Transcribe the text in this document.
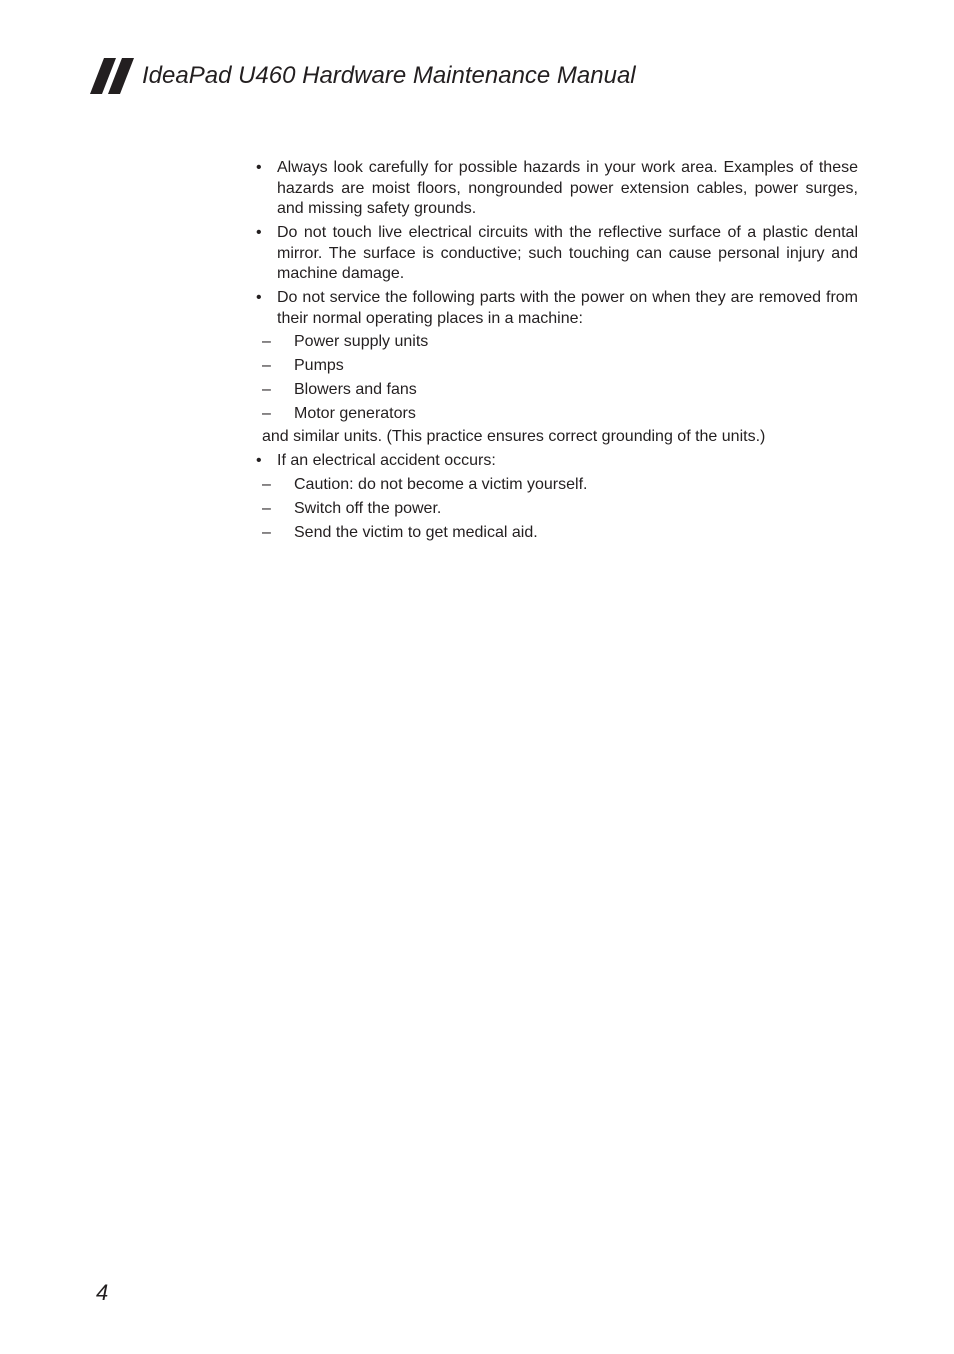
IdeaPad U460 Hardware Maintenance Manual
• Always look carefully for possible hazards in your work area. Examples of these hazards are moist floors, nongrounded power extension cables, power surges, and missing safety grounds.
• Do not touch live electrical circuits with the reflective surface of a plastic dental mirror. The surface is conductive; such touching can cause personal injury and machine damage.
• Do not service the following parts with the power on when they are removed from their normal operating places in a machine:
– Power supply units
– Pumps
– Blowers and fans
– Motor generators
and similar units. (This practice ensures correct grounding of the units.)
• If an electrical accident occurs:
– Caution: do not become a victim yourself.
– Switch off the power.
– Send the victim to get medical aid.
4
